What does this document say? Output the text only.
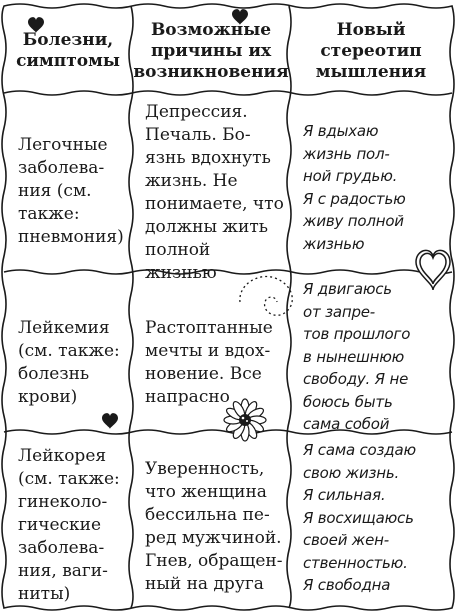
Болезни,
симптомы
Возможные
причины их
возникновения
Новый
стереотип
мышления
Легочные
заболева-
ния (см.
также:
пневмония)
Депрессия.
Печаль. Бо-
язнь вдохнуть
жизнь. Не
понимаете, что
должны жить
полной жизнью
Я вдыхаю
жизнь пол-
ной грудью.
Я с радостью
живу полной
жизнью
Лейкемия
(см. также:
болезнь
крови)
Растоптанные
мечты и вдох-
новение. Все
напрасно
Я двигаюсь
от запре-
тов прошлого
в нынешнюю
свободу. Я не
боюсь быть
сама собой
Лейкорея
(см. также:
гинеколо-
гические
заболева-
ния, ваги-
ниты)
Уверенность,
что женщина
бессильна пе-
ред мужчиной.
Гнев, обращен-
ный на друга
Я сама создаю
свою жизнь.
Я сильная.
Я восхищаюсь
своей жен-
ственностью.
Я свободна
